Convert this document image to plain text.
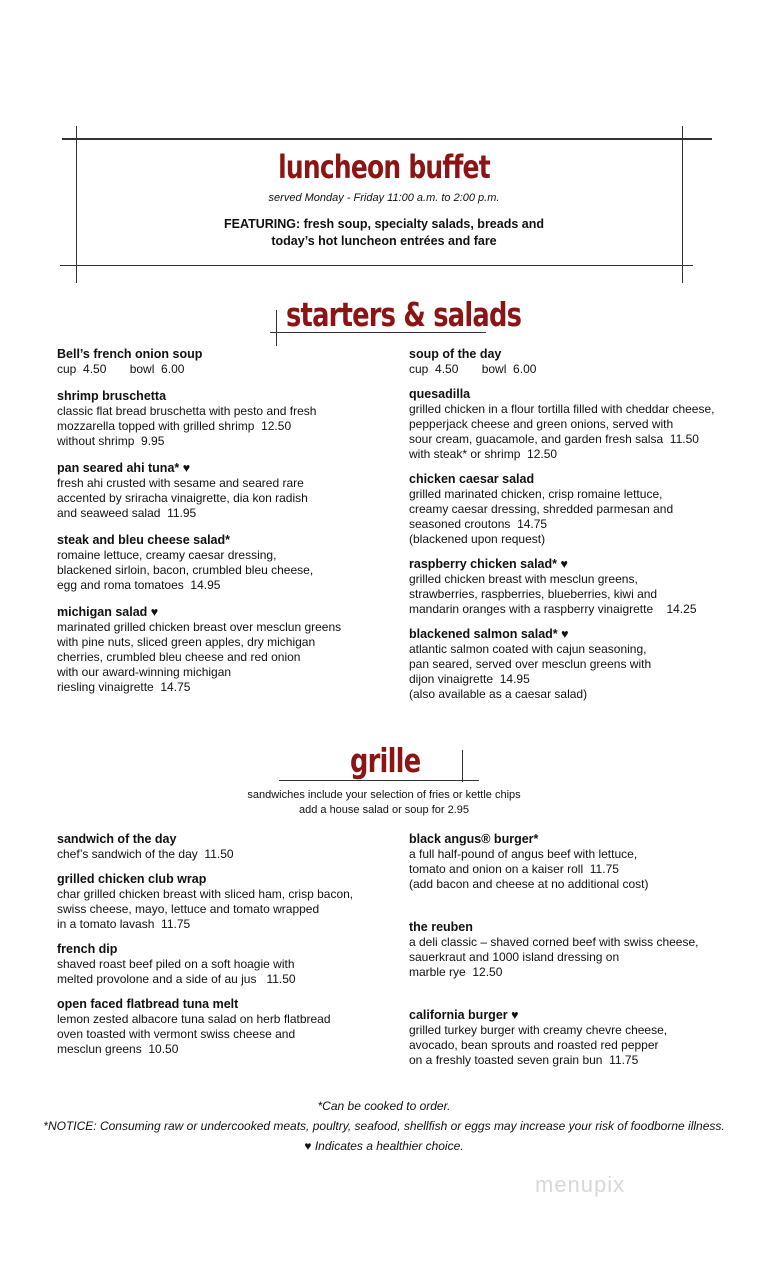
luncheon buffet
served Monday - Friday 11:00 a.m. to 2:00 p.m.
FEATURING: fresh soup, specialty salads, breads and
today’s hot luncheon entrées and fare
starters & salads
Bell’s french onion soup
cup  4.50       bowl  6.00
shrimp bruschetta
classic flat bread bruschetta with pesto and fresh
mozzarella topped with grilled shrimp  12.50
without shrimp  9.95
pan seared ahi tuna* ♥
fresh ahi crusted with sesame and seared rare
accented by sriracha vinaigrette, dia kon radish
and seaweed salad  11.95
steak and bleu cheese salad*
romaine lettuce, creamy caesar dressing,
blackened sirloin, bacon, crumbled bleu cheese,
egg and roma tomatoes  14.95
michigan salad ♥
marinated grilled chicken breast over mesclun greens
with pine nuts, sliced green apples, dry michigan
cherries, crumbled bleu cheese and red onion
with our award-winning michigan
riesling vinaigrette  14.75
soup of the day
cup  4.50       bowl  6.00
quesadilla
grilled chicken in a flour tortilla filled with cheddar cheese,
pepperjack cheese and green onions, served with
sour cream, guacamole, and garden fresh salsa  11.50
with steak* or shrimp  12.50
chicken caesar salad
grilled marinated chicken, crisp romaine lettuce,
creamy caesar dressing, shredded parmesan and
seasoned croutons  14.75
(blackened upon request)
raspberry chicken salad* ♥
grilled chicken breast with mesclun greens,
strawberries, raspberries, blueberries, kiwi and
mandarin oranges with a raspberry vinaigrette    14.25
blackened salmon salad* ♥
atlantic salmon coated with cajun seasoning,
pan seared, served over mesclun greens with
dijon vinaigrette  14.95
(also available as a caesar salad)
grille
sandwiches include your selection of fries or kettle chips
add a house salad or soup for 2.95
sandwich of the day
chef’s sandwich of the day  11.50
grilled chicken club wrap
char grilled chicken breast with sliced ham, crisp bacon,
swiss cheese, mayo, lettuce and tomato wrapped
in a tomato lavash  11.75
french dip
shaved roast beef piled on a soft hoagie with
melted provolone and a side of au jus   11.50
open faced flatbread tuna melt
lemon zested albacore tuna salad on herb flatbread
oven toasted with vermont swiss cheese and
mesclun greens  10.50
black angus® burger*
a full half-pound of angus beef with lettuce,
tomato and onion on a kaiser roll  11.75
(add bacon and cheese at no additional cost)
the reuben
a deli classic – shaved corned beef with swiss cheese,
sauerkraut and 1000 island dressing on
marble rye  12.50
california burger ♥
grilled turkey burger with creamy chevre cheese,
avocado, bean sprouts and roasted red pepper
on a freshly toasted seven grain bun  11.75
*Can be cooked to order.
*NOTICE: Consuming raw or undercooked meats, poultry, seafood, shellfish or eggs may increase your risk of foodborne illness.
♥ Indicates a healthier choice.
menupix
